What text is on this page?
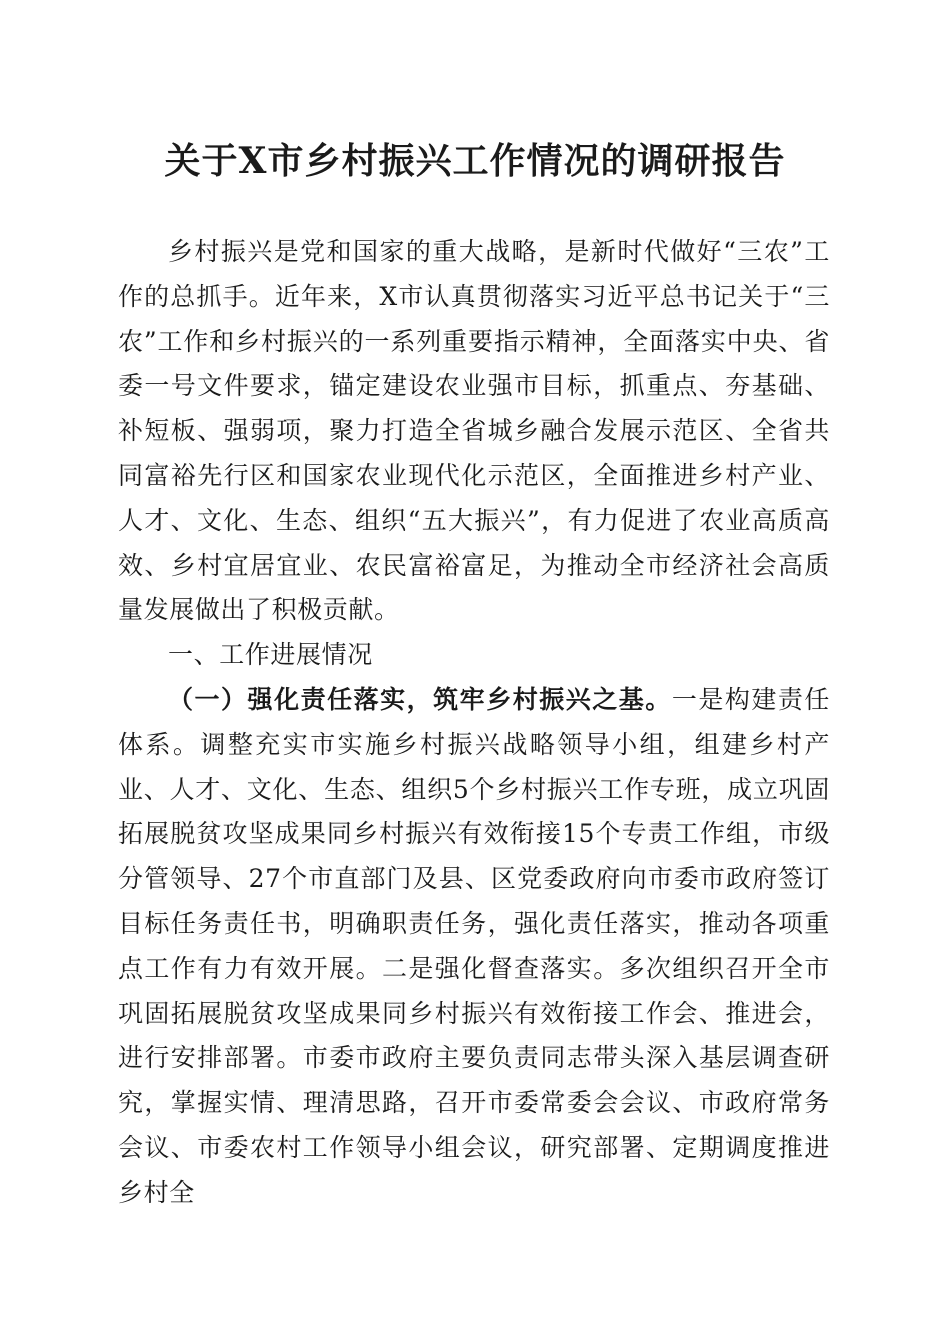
关于X市乡村振兴工作情况的调研报告

乡村振兴是党和国家的重大战略，是新时代做好“三农”工作的总抓手。近年来，X市认真贯彻落实习近平总书记关于“三农”工作和乡村振兴的一系列重要指示精神，全面落实中央、省委一号文件要求，锚定建设农业强市目标，抓重点、夯基础、补短板、强弱项，聚力打造全省城乡融合发展示范区、全省共同富裕先行区和国家农业现代化示范区，全面推进乡村产业、人才、文化、生态、组织“五大振兴”，有力促进了农业高质高效、乡村宜居宜业、农民富裕富足，为推动全市经济社会高质量发展做出了积极贡献。

一、工作进展情况

（一）强化责任落实，筑牢乡村振兴之基。一是构建责任体系。调整充实市实施乡村振兴战略领导小组，组建乡村产业、人才、文化、生态、组织5个乡村振兴工作专班，成立巩固拓展脱贫攻坚成果同乡村振兴有效衔接15个专责工作组，市级分管领导、27个市直部门及县、区党委政府向市委市政府签订目标任务责任书，明确职责任务，强化责任落实，推动各项重点工作有力有效开展。二是强化督查落实。多次组织召开全市巩固拓展脱贫攻坚成果同乡村振兴有效衔接工作会、推进会，进行安排部署。市委市政府主要负责同志带头深入基层调查研究，掌握实情、理清思路，召开市委常委会会议、市政府常务会议、市委农村工作领导小组会议，研究部署、定期调度推进乡村全
